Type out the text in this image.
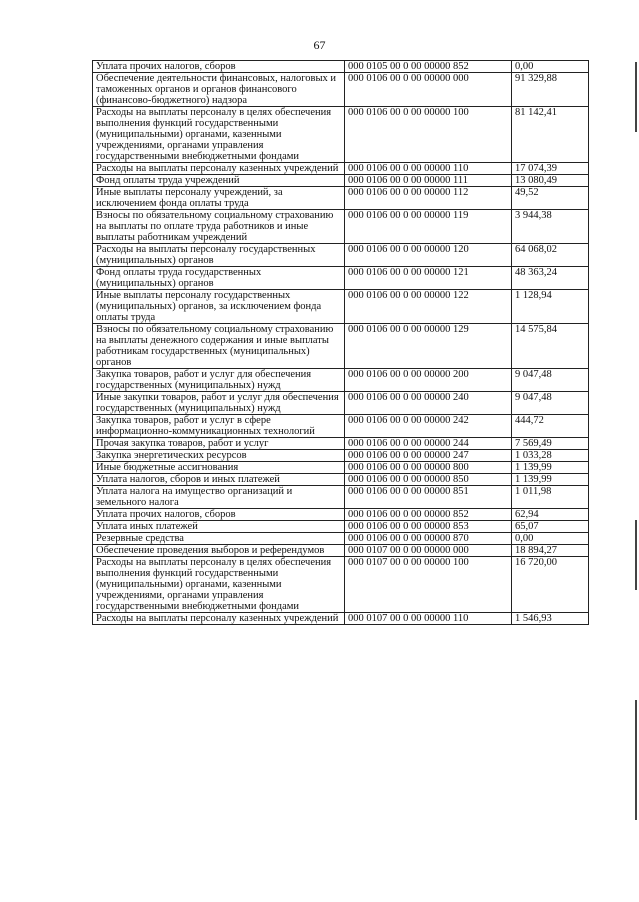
67
Уплата прочих налогов, сборов	000 0105 00 0 00 00000 852	0,00
Обеспечение деятельности финансовых, налоговых и таможенных органов и органов финансового (финансово-бюджетного) надзора	000 0106 00 0 00 00000 000	91 329,88
Расходы на выплаты персоналу в целях обеспечения выполнения функций государственными (муниципальными) органами, казенными учреждениями, органами управления государственными внебюджетными фондами	000 0106 00 0 00 00000 100	81 142,41
Расходы на выплаты персоналу казенных учреждений	000 0106 00 0 00 00000 110	17 074,39
Фонд оплаты труда учреждений	000 0106 00 0 00 00000 111	13 080,49
Иные выплаты персоналу учреждений, за исключением фонда оплаты труда	000 0106 00 0 00 00000 112	49,52
Взносы по обязательному социальному страхованию на выплаты по оплате труда работников и иные выплаты работникам учреждений	000 0106 00 0 00 00000 119	3 944,38
Расходы на выплаты персоналу государственных (муниципальных) органов	000 0106 00 0 00 00000 120	64 068,02
Фонд оплаты труда государственных (муниципальных) органов	000 0106 00 0 00 00000 121	48 363,24
Иные выплаты персоналу государственных (муниципальных) органов, за исключением фонда оплаты труда	000 0106 00 0 00 00000 122	1 128,94
Взносы по обязательному социальному страхованию на выплаты денежного содержания и иные выплаты работникам государственных (муниципальных) органов	000 0106 00 0 00 00000 129	14 575,84
Закупка товаров, работ и услуг для обеспечения государственных (муниципальных) нужд	000 0106 00 0 00 00000 200	9 047,48
Иные закупки товаров, работ и услуг для обеспечения государственных (муниципальных) нужд	000 0106 00 0 00 00000 240	9 047,48
Закупка товаров, работ и услуг в сфере информационно-коммуникационных технологий	000 0106 00 0 00 00000 242	444,72
Прочая закупка товаров, работ и услуг	000 0106 00 0 00 00000 244	7 569,49
Закупка энергетических ресурсов	000 0106 00 0 00 00000 247	1 033,28
Иные бюджетные ассигнования	000 0106 00 0 00 00000 800	1 139,99
Уплата налогов, сборов и иных платежей	000 0106 00 0 00 00000 850	1 139,99
Уплата налога на имущество организаций и земельного налога	000 0106 00 0 00 00000 851	1 011,98
Уплата прочих налогов, сборов	000 0106 00 0 00 00000 852	62,94
Уплата иных платежей	000 0106 00 0 00 00000 853	65,07
Резервные средства	000 0106 00 0 00 00000 870	0,00
Обеспечение проведения выборов и референдумов	000 0107 00 0 00 00000 000	18 894,27
Расходы на выплаты персоналу в целях обеспечения выполнения функций государственными (муниципальными) органами, казенными учреждениями, органами управления государственными внебюджетными фондами	000 0107 00 0 00 00000 100	16 720,00
Расходы на выплаты персоналу казенных учреждений	000 0107 00 0 00 00000 110	1 546,93
